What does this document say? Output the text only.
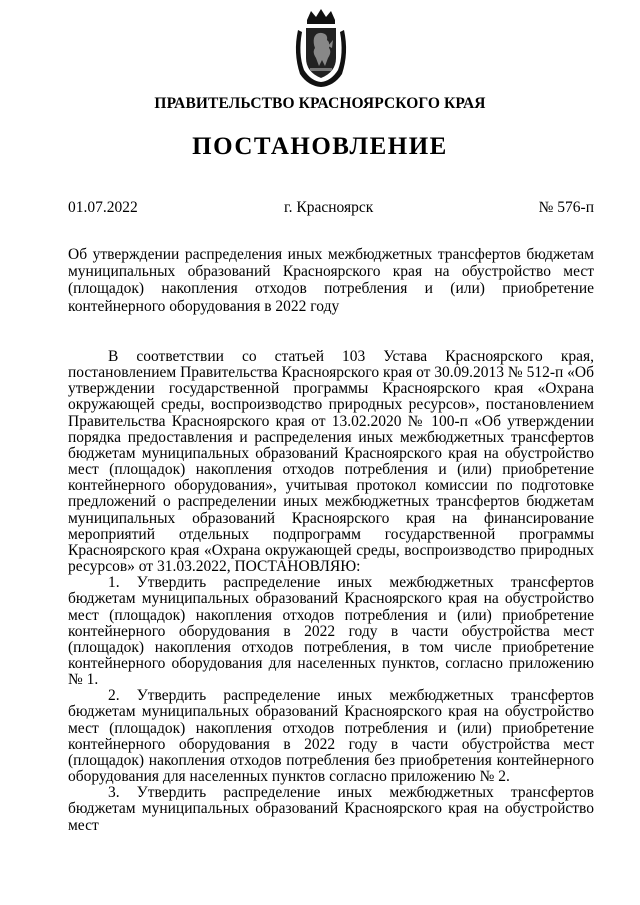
ПРАВИТЕЛЬСТВО КРАСНОЯРСКОГО КРАЯ
ПОСТАНОВЛЕНИЕ
01.07.2022	г. Красноярск	№ 576-п
Об утверждении распределения иных межбюджетных трансфертов бюджетам муниципальных образований Красноярского края на обустройство мест (площадок) накопления отходов потребления и (или) приобретение контейнерного оборудования в 2022 году

В соответствии со статьей 103 Устава Красноярского края, постановлением Правительства Красноярского края от 30.09.2013 № 512-п «Об утверждении государственной программы Красноярского края «Охрана окружающей среды, воспроизводство природных ресурсов», постановлением Правительства Красноярского края от 13.02.2020 № 100-п «Об утверждении порядка предоставления и распределения иных межбюджетных трансфертов бюджетам муниципальных образований Красноярского края на обустройство мест (площадок) накопления отходов потребления и (или) приобретение контейнерного оборудования», учитывая протокол комиссии по подготовке предложений о распределении иных межбюджетных трансфертов бюджетам муниципальных образований Красноярского края на финансирование мероприятий отдельных подпрограмм государственной программы Красноярского края «Охрана окружающей среды, воспроизводство природных ресурсов» от 31.03.2022, ПОСТАНОВЛЯЮ:

1. Утвердить распределение иных межбюджетных трансфертов бюджетам муниципальных образований Красноярского края на обустройство мест (площадок) накопления отходов потребления и (или) приобретение контейнерного оборудования в 2022 году в части обустройства мест (площадок) накопления отходов потребления, в том числе приобретение контейнерного оборудования для населенных пунктов, согласно приложению № 1.

2. Утвердить распределение иных межбюджетных трансфертов бюджетам муниципальных образований Красноярского края на обустройство мест (площадок) накопления отходов потребления и (или) приобретение контейнерного оборудования в 2022 году в части обустройства мест (площадок) накопления отходов потребления без приобретения контейнерного оборудования для населенных пунктов согласно приложению № 2.

3. Утвердить распределение иных межбюджетных трансфертов бюджетам муниципальных образований Красноярского края на обустройство мест
